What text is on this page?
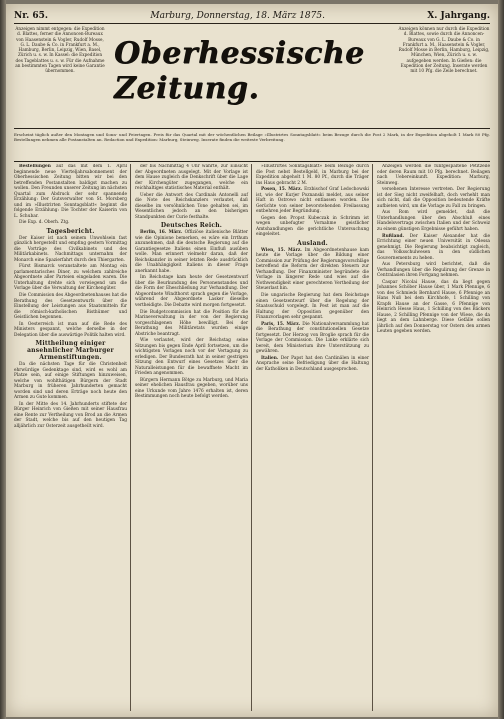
Nr. 65.	Marburg, Donnerstag, 18. März 1875.	X. Jahrgang.
Anzeigen nimmt entgegen: die Expedition d. Blattes, ferner die Annoncen-Bureaux von Haasenstein & Vogler, Rudolf Mosse, G. L. Daube & Co. in Frankfurt a. M., Hamburg, Berlin, Leipzig, Wien, Basel, Zürich u. s. w. In Kassel: die Expedition des Tageblattes u. s. w. Für die Aufnahme an bestimmten Tagen wird keine Garantie übernommen.
Anzeigen können nur durch die Expedition d. Blattes, sowie durch die Annoncen-Bureaux von G. L. Daube & Co. in Frankfurt a. M., Haasenstein & Vogler, Rudolf Mosse in Berlin, Hamburg, Leipzig, München, Wien, Zürich u. s. w. aufgegeben werden. In Gießen: die Expedition der Zeitung. Inserate werden mit 10 Pfg. die Zeile berechnet.
Oberhessische Zeitung.
Erscheint täglich außer den Montagen und Sonn- und Feiertagen. Preis für das Quartal mit der wöchentlichen Beilage »Illustrirtes Sonntagsblatt« beim Bezuge durch die Post 2 Mark, in der Expedition abgeholt 1 Mark 80 Pfg. Bestellungen nehmen alle Postanstalten an. Redaction und Expedition: Marburg, Steinweg. Inserate finden die weiteste Verbreitung.

Bestellungen auf das mit dem 1. April beginnende neue Vierteljahrsabonnement der Oberhessischen Zeitung bitten wir bei den betreffenden Postanstalten baldigst machen zu wollen. Den Freunden unserer Zeitung im nächsten Quartal zum Abdruck der sehr spannende Erzählung: Der Gutsverwalter von St. Morsberg und im »Illustrirten Sonntagsblatt« beginnt die folgende Erzählung: Die Tochter der Kaiserin von L. Schubar.

Die Exp. d. Oberh. Ztg.

Tagesbericht.

Der Kaiser ist nach seinem Unwohlsein fast gänzlich hergestellt und empfing gestern Vormittag die Vorträge des Civilkabinets und des Militärkabinets. Nachmittags unternahm der Monarch eine Spazierfahrt durch den Thiergarten.

Fürst Bismarck veranstaltete am Montag ein parlamentarisches Diner, zu welchem zahlreiche Abgeordnete aller Parteien eingeladen waren. Die Unterhaltung drehte sich vorwiegend um die Vorlage über die Verwaltung der Kirchengüter.

Die Commission des Abgeordnetenhauses hat die Berathung des Gesetzentwurfs über die Einstellung der Leistungen aus Staatsmitteln für die römisch-katholischen Bisthümer und Geistlichen begonnen.

In Oesterreich ist man auf die Rede des Ministers gespannt, welche derselbe in der Delegation über die auswärtige Politik halten wird.

Mittheilung einiger ansehnlicher Marburger Armenstiftungen.

Da die nächsten Tage für die Christenheit ehrwürdige Gedenktage sind, wird es wohl am Platze sein, auf einige Stiftungen hinzuweisen, welche von wohlthätigen Bürgern der Stadt Marburg in früheren Jahrhunderten gemacht worden sind und deren Erträge noch heute den Armen zu Gute kommen.

In der Mitte des 14. Jahrhunderts stiftete der Bürger Heinrich von Gießen mit seiner Hausfrau eine Rente zur Vertheilung von Brod an die Armen der Stadt, welche bis auf den heutigen Tag alljährlich zur Osterzeit ausgetheilt wird.

der bis Nachmittag 4 Uhr währte, zur Einsicht der Abgeordneten ausgelegt. Mit der Vorlage ist dem Hause zugleich die Denkschrift über die Lage der Kirchengüter zugegangen, welche ein reichhaltiges statistisches Material enthält.

Ueber die Antwort des Cardinals Antonelli auf die Note des Reichskanzlers verlautet, daß dieselbe im versöhnlichen Tone gehalten sei, im Wesentlichen jedoch an den bisherigen Standpunkten der Curie festhalte.

Deutsches Reich.

Berlin, 16. März. Offiziöse italienische Blätter wie die Opinione bemerken, es wäre ein Irrthum anzunehmen, daß die deutsche Regierung auf die Garantiegesetze Italiens einen Einfluß ausüben wolle. Man erinnert vielmehr daran, daß der Reichskanzler in seiner letzten Rede ausdrücklich die Unabhängigkeit Italiens in dieser Frage anerkannt habe.

Im Reichstage kam heute der Gesetzentwurf über die Beurkundung des Personenstandes und die Form der Eheschließung zur Verhandlung. Der Abgeordnete Windthorst sprach gegen die Vorlage, während der Abgeordnete Lasker dieselbe vertheidigte. Die Debatte wird morgen fortgesetzt.

Die Budgetcommission hat die Position für die Marineverwaltung in der von der Regierung vorgeschlagenen Höhe bewilligt. Bei der Berathung des Militäretats wurden einige Abstriche beantragt.

Wie verlautet, wird der Reichstag seine Sitzungen bis gegen Ende April fortsetzen, um die wichtigsten Vorlagen noch vor der Vertagung zu erledigen. Der Bundesrath hat in seiner gestrigen Sitzung den Entwurf eines Gesetzes über die Naturalleistungen für die bewaffnete Macht im Frieden angenommen.

Bürgern Hermann Bötge zu Marburg, und Maria seiner ehelichen Hausfrau gegeben, worüber uns eine Urkunde vom Jahre 1476 erhalten ist, deren Bestimmungen noch heute befolgt werden.

»Illustrirtes Sonntagsblatt« beim Bezuge durch die Post nebst Bestellgeld, in Marburg bei der Expedition abgeholt 1 M. 80 Pf., durch die Träger ins Haus gebracht 2 M.

Posen, 15. März. Erzbischof Graf Ledochowski ist, wie der Kurjer Poznanski meldet, aus seiner Haft in Ostrowo nicht entlassen worden. Die Gerüchte von seiner bevorstehenden Freilassung entbehren jeder Begründung.

Gegen den Propst Kubeczak in Schrimm ist wegen unbefugter Vornahme geistlicher Amtshandlungen die gerichtliche Untersuchung eingeleitet.

Ausland.

Wien, 15. März. Im Abgeordnetenhause kam heute die Vorlage über die Bildung einer Commission zur Prüfung der Regierungsvorschläge betreffend die Reform der direkten Steuern zur Verhandlung. Der Finanzminister begründete die Vorlage in längerer Rede und wies auf die Nothwendigkeit einer gerechteren Vertheilung der Steuerlast hin.

Die ungarische Regierung hat dem Reichstage einen Gesetzentwurf über die Regelung der Staatsschuld vorgelegt. In Pest ist man auf die Haltung der Opposition gegenüber den Finanzvorlagen sehr gespannt.

Paris, 15. März. Die Nationalversammlung hat die Berathung der constitutionellen Gesetze fortgesetzt. Der Herzog von Broglie sprach für die Vorlage der Commission. Die Linke erklärte sich bereit, dem Ministerium ihre Unterstützung zu gewähren.

Italien. Der Papst hat den Cardinälen in einer Ansprache seine Befriedigung über die Haltung der Katholiken in Deutschland ausgesprochen.

Anzeigen werden die fünfgespaltene Petitzeile oder deren Raum mit 10 Pfg. berechnet. Beilagen nach Uebereinkunft. Expedition: Marburg, Steinweg.

versehenen Interesse vertreten. Der Regierung ist der Sieg nicht zweifelhaft, doch verhehlt man sich nicht, daß die Opposition bedeutende Kräfte aufbieten wird, um die Vorlage zu Fall zu bringen.

Aus Rom wird gemeldet, daß die Unterhandlungen über den Abschluß eines Handelsvertrags zwischen Italien und der Schweiz zu einem günstigen Ergebnisse geführt haben.

Rußland. Der Kaiser Alexander hat die Errichtung einer neuen Universität in Odessa genehmigt. Die Regierung beabsichtigt zugleich, das Volksschulwesen in den südlichen Gouvernements zu heben.

Aus Petersburg wird berichtet, daß die Verhandlungen über die Regulirung der Grenze in Centralasien ihren Fortgang nehmen.

Caspar Nicolai Hause, das da liegt gegen Johannes Schöber Hause über, 1 Mark Pfennige, 6 von des Schmieds Bernhard Hause, 6 Pfennige an Hans Nuß bei dem Kirchhofe, 1 Schilling von Krapfs Hause an der Gasse, 6 Pfennige von Heinrich Hesse Haus, 1 Schilling von des Bäckers Hause, 2 Schilling Pfennige von der Wiese, die da liegt an dem Lahnberge. Diese Gefälle sollen jährlich auf den Donnerstag vor Ostern den armen Leuten gegeben werden.
